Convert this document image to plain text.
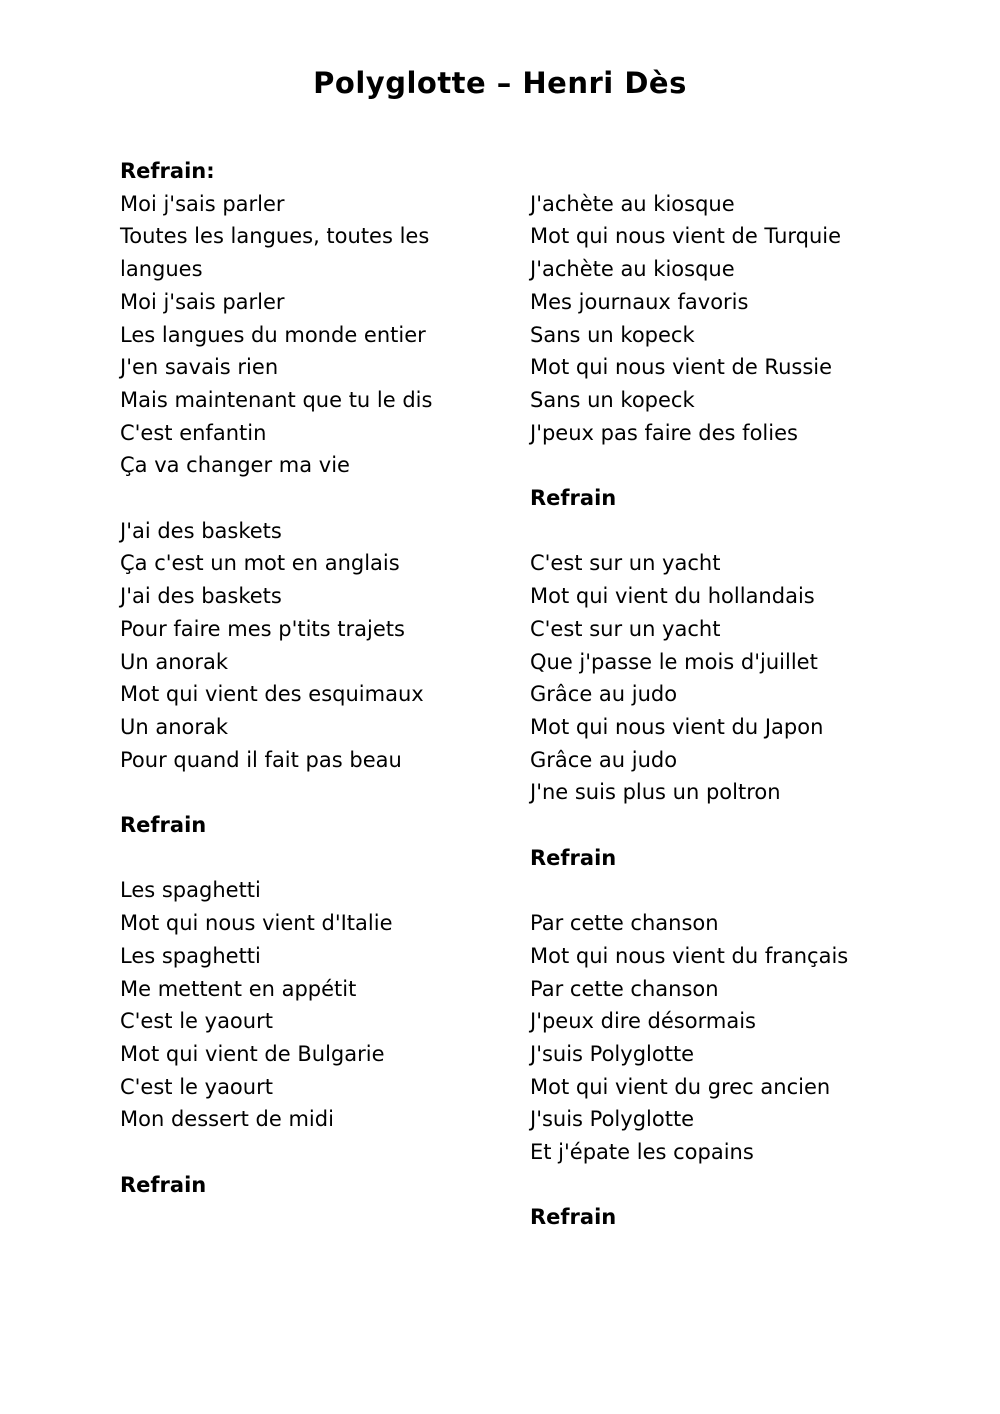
Polyglotte – Henri Dès
Refrain:
Moi j'sais parler
Toutes les langues, toutes les
langues
Moi j'sais parler
Les langues du monde entier
J'en savais rien
Mais maintenant que tu le dis
C'est enfantin
Ça va changer ma vie
J'ai des baskets
Ça c'est un mot en anglais
J'ai des baskets
Pour faire mes p'tits trajets
Un anorak
Mot qui vient des esquimaux
Un anorak
Pour quand il fait pas beau
Refrain
Les spaghetti
Mot qui nous vient d'Italie
Les spaghetti
Me mettent en appétit
C'est le yaourt
Mot qui vient de Bulgarie
C'est le yaourt
Mon dessert de midi
Refrain
J'achète au kiosque
Mot qui nous vient de Turquie
J'achète au kiosque
Mes journaux favoris
Sans un kopeck
Mot qui nous vient de Russie
Sans un kopeck
J'peux pas faire des folies
Refrain
C'est sur un yacht
Mot qui vient du hollandais
C'est sur un yacht
Que j'passe le mois d'juillet
Grâce au judo
Mot qui nous vient du Japon
Grâce au judo
J'ne suis plus un poltron
Refrain
Par cette chanson
Mot qui nous vient du français
Par cette chanson
J'peux dire désormais
J'suis Polyglotte
Mot qui vient du grec ancien
J'suis Polyglotte
Et j'épate les copains
Refrain
